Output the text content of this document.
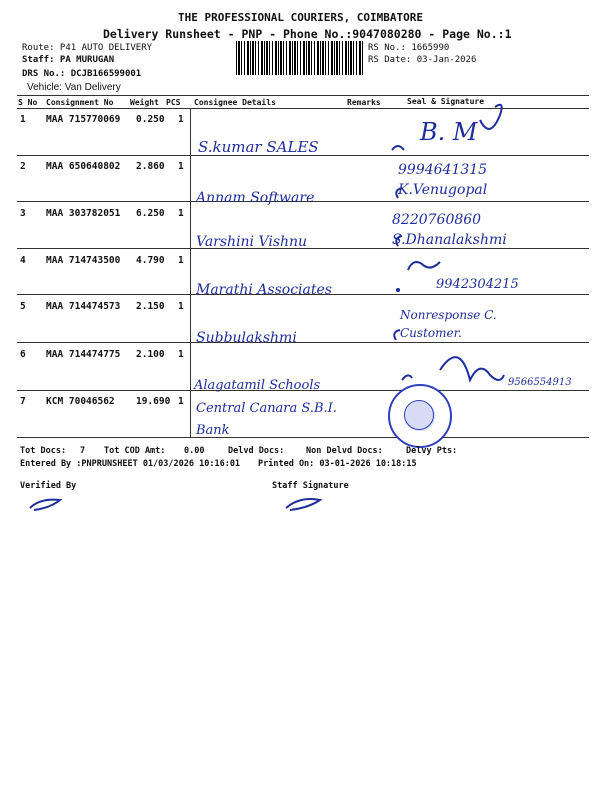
THE PROFESSIONAL COURIERS, COIMBATORE
Delivery Runsheet - PNP - Phone No.:9047080280 - Page No.:1
Route: P41 AUTO DELIVERY
Staff: PA MURUGAN
DRS No.: DCJB166599001
Vehicle: Van Delivery
RS No.: 1665990
RS Date: 03-Jan-2026
S No Consignment No Weight PCS Consignee Details	Remarks	Seal & Signature
1 MAA 715770069 0.250 1
S.kumar SALES
B. M
2 MAA 650640802 2.860 1
Annam Software
9994641315 K.Venugopal
3 MAA 303782051 6.250 1
Varshini Vishnu
8220760860 S.Dhanalakshmi
4 MAA 714743500 4.790 1
Marathi Associates	9942304215
5 MAA 714474573 2.150 1
Subbulakshmi
Nonresponse C. Customer.
6 MAA 714474775 2.100 1
Alagatamil Schools	9566554913
7 KCM 70046562 19.690 1 Central Canara S.B.I. Bank
Tot Docs: 7 Tot COD Amt: 0.00	Delvd Docs:	Non Delvd Docs:	Delvy Pts:
Entered By :PNPRUNSHEET 01/03/2026 10:16:01 Printed On: 03-01-2026 10:18:15
Verified By	Staff Signature
